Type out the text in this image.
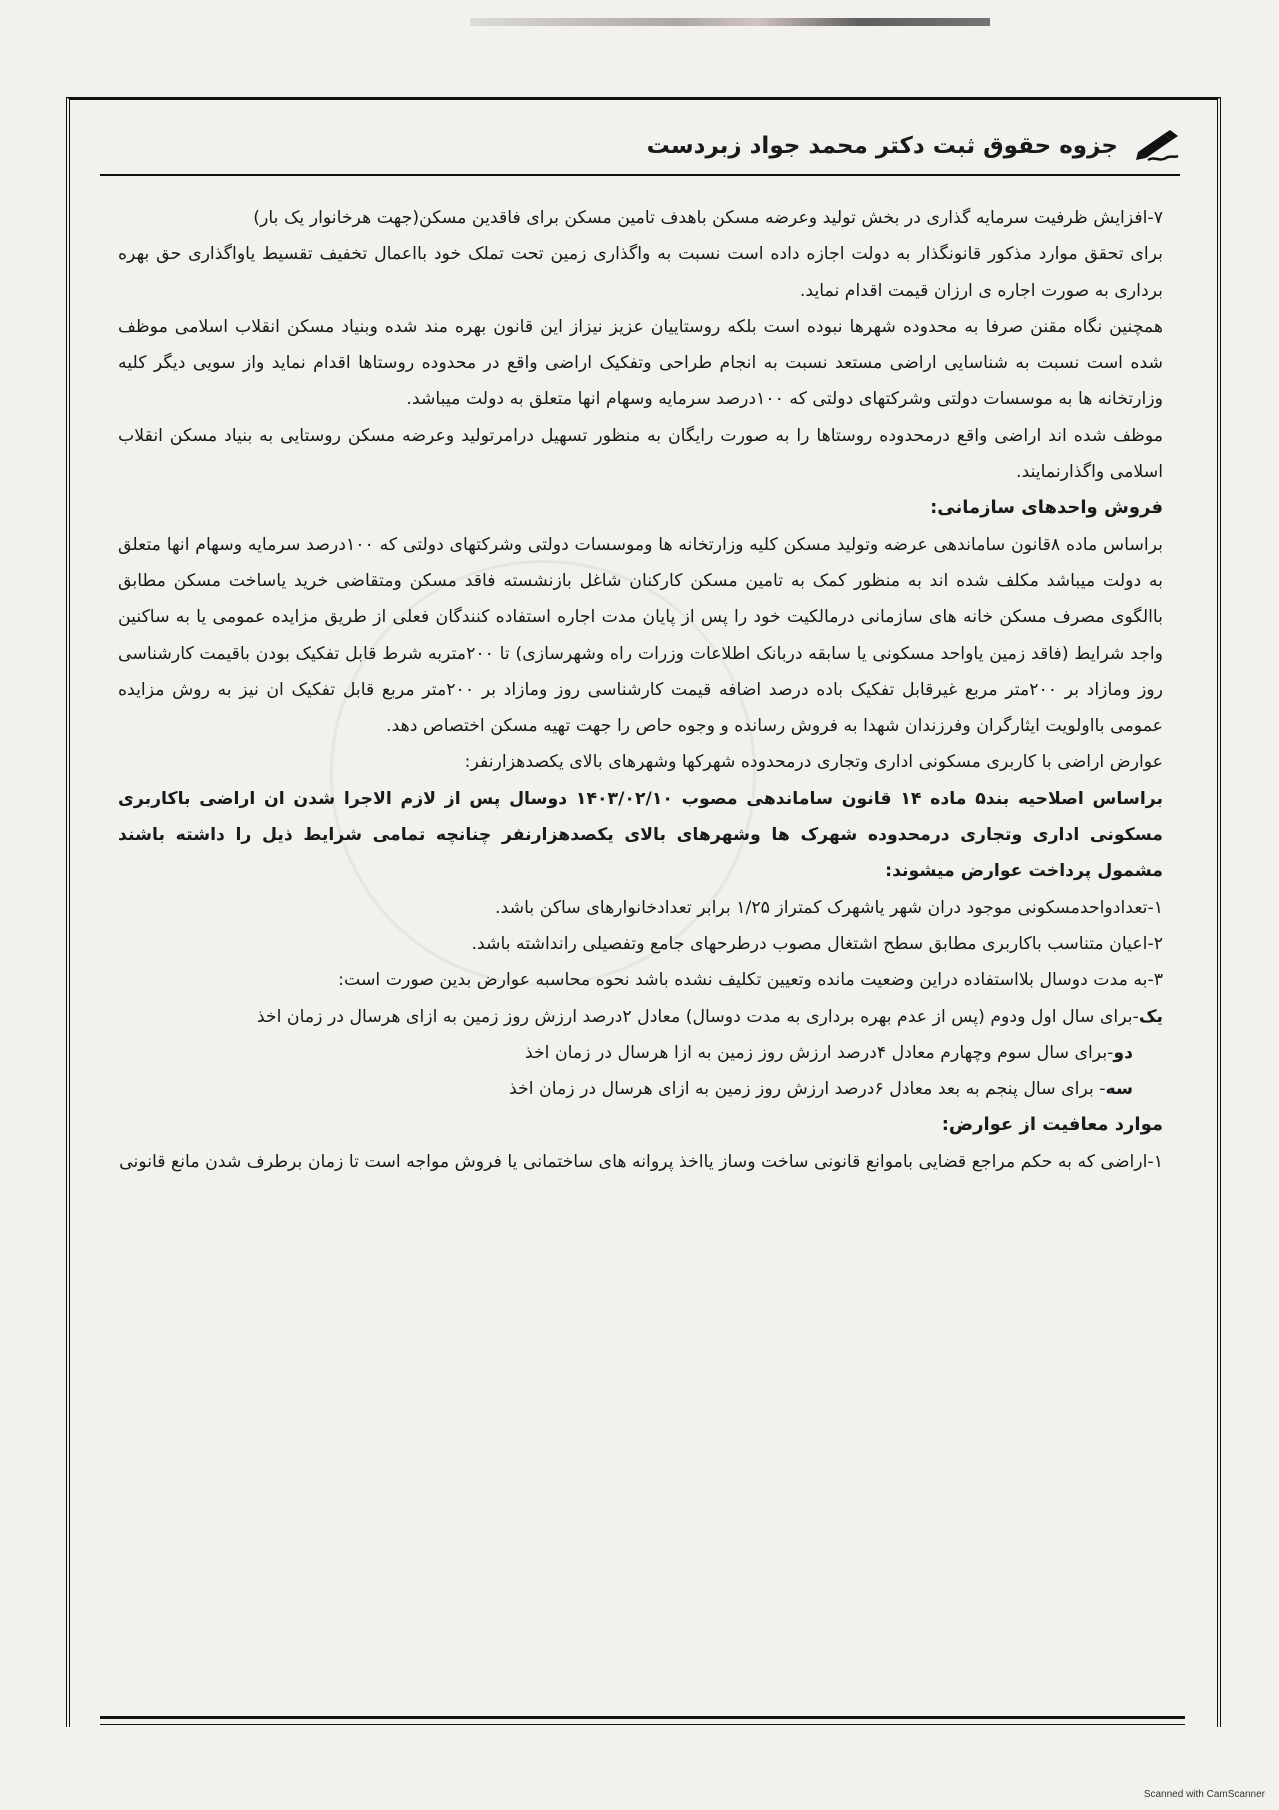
جزوه حقوق ثبت دکتر محمد جواد زبردست

۷-افزایش ظرفیت سرمایه گذاری در بخش تولید وعرضه مسکن باهدف تامین مسکن برای فاقدین مسکن(جهت هرخانوار یک بار)

برای تحقق موارد مذکور قانونگذار به دولت اجازه داده است نسبت به واگذاری زمین تحت تملک خود بااعمال تخفیف تقسیط یاواگذاری حق بهره برداری به صورت اجاره ی ارزان قیمت اقدام نماید.

همچنین نگاه مقنن صرفا به محدوده شهرها نبوده است بلکه روستاییان عزیز نیزاز این قانون بهره مند شده وبنیاد مسکن انقلاب اسلامی موظف شده است نسبت به شناسایی اراضی مستعد نسبت به انجام طراحی وتفکیک اراضی واقع در محدوده روستاها اقدام نماید واز سویی دیگر کلیه وزارتخانه ها به موسسات دولتی وشرکتهای دولتی که ۱۰۰درصد سرمایه وسهام انها متعلق به دولت میباشد.

موظف شده اند اراضی واقع درمحدوده روستاها را به صورت رایگان به منظور تسهیل درامرتولید وعرضه مسکن روستایی به بنیاد مسکن انقلاب اسلامی واگذارنمایند.

فروش واحدهای سازمانی:

براساس ماده ۸قانون ساماندهی عرضه وتولید مسکن کلیه وزارتخانه ها وموسسات دولتی وشرکتهای دولتی که ۱۰۰درصد سرمایه وسهام انها متعلق به دولت میباشد مکلف شده اند به منظور کمک به تامین مسکن کارکنان شاغل بازنشسته فاقد مسکن ومتقاضی خرید یاساخت مسکن مطابق باالگوی مصرف مسکن خانه های سازمانی درمالکیت خود را پس از پایان مدت اجاره استفاده کنندگان فعلی از طریق مزایده عمومی یا به ساکنین واجد شرایط (فاقد زمین یاواحد مسکونی یا سابقه دربانک اطلاعات وزرات راه وشهرسازی) تا ۲۰۰متربه شرط قابل تفکیک بودن باقیمت کارشناسی روز ومازاد بر ۲۰۰متر مربع غیرقابل تفکیک باده درصد اضافه قیمت کارشناسی روز ومازاد بر ۲۰۰متر مربع قابل تفکیک ان نیز به روش مزایده عمومی بااولویت ایثارگران وفرزندان شهدا به فروش رسانده و وجوه حاص را جهت تهیه مسکن اختصاص دهد.

عوارض اراضی با کاربری مسکونی اداری وتجاری درمحدوده شهرکها وشهرهای بالای یکصدهزارنفر:

براساس اصلاحیه بند۵ ماده ۱۴ قانون ساماندهی مصوب ۱۴۰۳/۰۲/۱۰ دوسال پس از لازم الاجرا شدن ان اراضی باکاربری مسکونی اداری وتجاری درمحدوده شهرک ها وشهرهای بالای یکصدهزارنفر چنانچه تمامی شرایط ذیل را داشته باشند مشمول پرداخت عوارض میشوند:

۱-تعدادواحدمسکونی موجود دران شهر یاشهرک کمتراز ۱/۲۵ برابر تعدادخانوارهای ساکن باشد.

۲-اعیان متناسب باکاربری مطابق سطح اشتغال مصوب درطرحهای جامع وتفصیلی رانداشته باشد.

۳-به مدت دوسال بلااستفاده دراین وضعیت مانده وتعیین تکلیف نشده باشد نحوه محاسبه عوارض بدین صورت است:

یک-برای سال اول ودوم (پس از عدم بهره برداری به مدت دوسال) معادل ۲درصد ارزش روز زمین به ازای هرسال در زمان اخذ

دو-برای سال سوم وچهارم معادل ۴درصد ارزش روز زمین به ازا هرسال در زمان اخذ

سه- برای سال پنجم به بعد معادل ۶درصد ارزش روز زمین به ازای هرسال در زمان اخذ

موارد معافیت از عوارض:

۱-اراضی که به حکم مراجع قضایی باموانع قانونی ساخت وساز یااخذ پروانه های ساختمانی یا فروش مواجه است تا زمان برطرف شدن مانع قانونی

Scanned with CamScanner
